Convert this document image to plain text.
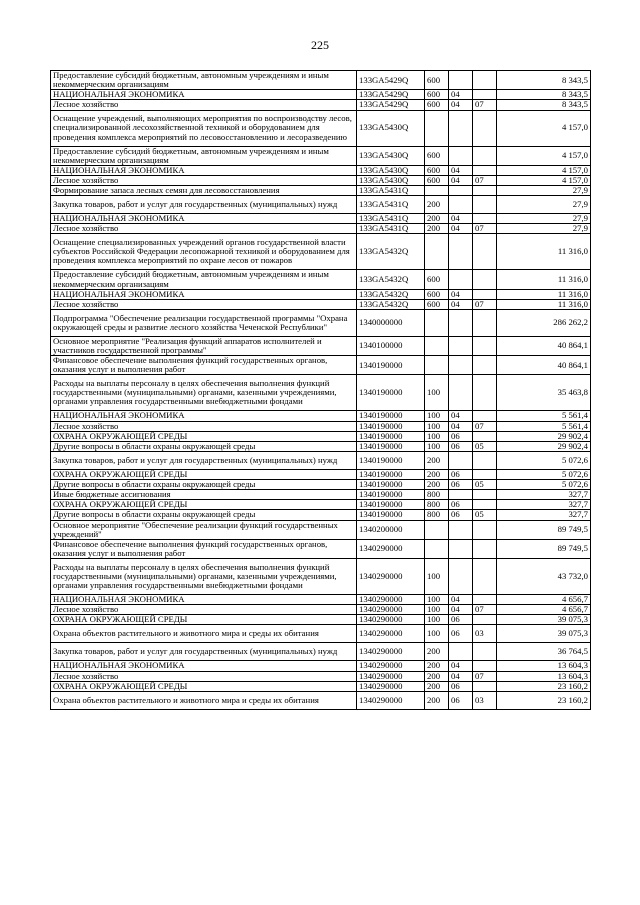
225
Предоставление субсидий бюджетным, автономным учреждениям и иным некоммерческим организациям	133GA5429Q	600			8 343,5
НАЦИОНАЛЬНАЯ ЭКОНОМИКА	133GA5429Q	600	04		8 343,5
Лесное хозяйство	133GA5429Q	600	04	07	8 343,5
Оснащение учреждений, выполняющих мероприятия по воспроизводству лесов, специализированной лесохозяйственной техникой и оборудованием для проведения комплекса мероприятий по лесовосстановлению и лесоразведению	133GA5430Q				4 157,0
Предоставление субсидий бюджетным, автономным учреждениям и иным некоммерческим организациям	133GA5430Q	600			4 157,0
НАЦИОНАЛЬНАЯ ЭКОНОМИКА	133GA5430Q	600	04		4 157,0
Лесное хозяйство	133GA5430Q	600	04	07	4 157,0
Формирование запаса лесных семян для лесовосстановления	133GA5431Q				27,9
Закупка товаров, работ и услуг для государственных (муниципальных) нужд	133GA5431Q	200			27,9
НАЦИОНАЛЬНАЯ ЭКОНОМИКА	133GA5431Q	200	04		27,9
Лесное хозяйство	133GA5431Q	200	04	07	27,9
Оснащение специализированных учреждений органов государственной власти субъектов Российской Федерации лесопожарной техникой и оборудованием для проведения комплекса мероприятий по охране лесов от пожаров	133GA5432Q				11 316,0
Предоставление субсидий бюджетным, автономным учреждениям и иным некоммерческим организациям	133GA5432Q	600			11 316,0
НАЦИОНАЛЬНАЯ ЭКОНОМИКА	133GA5432Q	600	04		11 316,0
Лесное хозяйство	133GA5432Q	600	04	07	11 316,0
Подпрограмма "Обеспечение реализации государственной программы "Охрана окружающей среды и развитие лесного хозяйства Чеченской Республики"	1340000000				286 262,2
Основное мероприятие "Реализация функций аппаратов исполнителей и участников государственной программы"	1340100000				40 864,1
Финансовое обеспечение выполнения функций государственных органов, оказания услуг и выполнения работ	1340190000				40 864,1
Расходы на выплаты персоналу в целях обеспечения выполнения функций государственными (муниципальными) органами, казенными учреждениями, органами управления государственными внебюджетными фондами	1340190000	100			35 463,8
НАЦИОНАЛЬНАЯ ЭКОНОМИКА	1340190000	100	04		5 561,4
Лесное хозяйство	1340190000	100	04	07	5 561,4
ОХРАНА ОКРУЖАЮЩЕЙ СРЕДЫ	1340190000	100	06		29 902,4
Другие вопросы в области охраны окружающей среды	1340190000	100	06	05	29 902,4
Закупка товаров, работ и услуг для государственных (муниципальных) нужд	1340190000	200			5 072,6
ОХРАНА ОКРУЖАЮЩЕЙ СРЕДЫ	1340190000	200	06		5 072,6
Другие вопросы в области охраны окружающей среды	1340190000	200	06	05	5 072,6
Иные бюджетные ассигнования	1340190000	800			327,7
ОХРАНА ОКРУЖАЮЩЕЙ СРЕДЫ	1340190000	800	06		327,7
Другие вопросы в области охраны окружающей среды	1340190000	800	06	05	327,7
Основное мероприятие "Обеспечение реализации функций государственных учреждений"	1340200000				89 749,5
Финансовое обеспечение выполнения функций государственных органов, оказания услуг и выполнения работ	1340290000				89 749,5
Расходы на выплаты персоналу в целях обеспечения выполнения функций государственными (муниципальными) органами, казенными учреждениями, органами управления государственными внебюджетными фондами	1340290000	100			43 732,0
НАЦИОНАЛЬНАЯ ЭКОНОМИКА	1340290000	100	04		4 656,7
Лесное хозяйство	1340290000	100	04	07	4 656,7
ОХРАНА ОКРУЖАЮЩЕЙ СРЕДЫ	1340290000	100	06		39 075,3
Охрана объектов растительного и животного мира и среды их обитания	1340290000	100	06	03	39 075,3
Закупка товаров, работ и услуг для государственных (муниципальных) нужд	1340290000	200			36 764,5
НАЦИОНАЛЬНАЯ ЭКОНОМИКА	1340290000	200	04		13 604,3
Лесное хозяйство	1340290000	200	04	07	13 604,3
ОХРАНА ОКРУЖАЮЩЕЙ СРЕДЫ	1340290000	200	06		23 160,2
Охрана объектов растительного и животного мира и среды их обитания	1340290000	200	06	03	23 160,2
